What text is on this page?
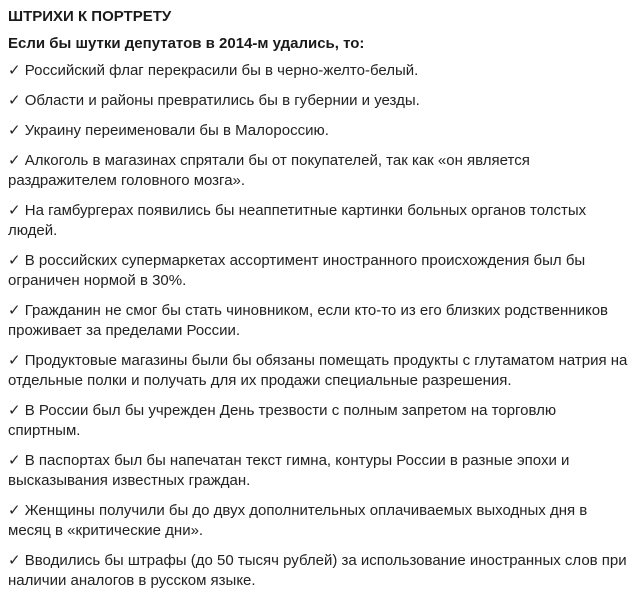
ШТРИХИ К ПОРТРЕТУ
Если бы шутки депутатов в 2014-м удались, то:
✓ Российский флаг перекрасили бы в черно-желто-белый.
✓ Области и районы превратились бы в губернии и уезды.
✓ Украину переименовали бы в Малороссию.
✓ Алкоголь в магазинах спрятали бы от покупателей, так как «он является раздражителем головного мозга».
✓ На гамбургерах появились бы неаппетитные картинки больных органов толстых людей.
✓ В российских супермаркетах ассортимент иностранного происхождения был бы ограничен нормой в 30%.
✓ Гражданин не смог бы стать чиновником, если кто-то из его близких родственников проживает за пределами России.
✓ Продуктовые магазины были бы обязаны помещать продукты с глутаматом натрия на отдельные полки и получать для их продажи специальные разрешения.
✓ В России был бы учрежден День трезвости с полным запретом на торговлю спиртным.
✓ В паспортах был бы напечатан текст гимна, контуры России в разные эпохи и высказывания известных граждан.
✓ Женщины получили бы до двух дополнительных оплачиваемых выходных дня в месяц в «критические дни».
✓ Вводились бы штрафы (до 50 тысяч рублей) за использование иностранных слов при наличии аналогов в русском языке.
